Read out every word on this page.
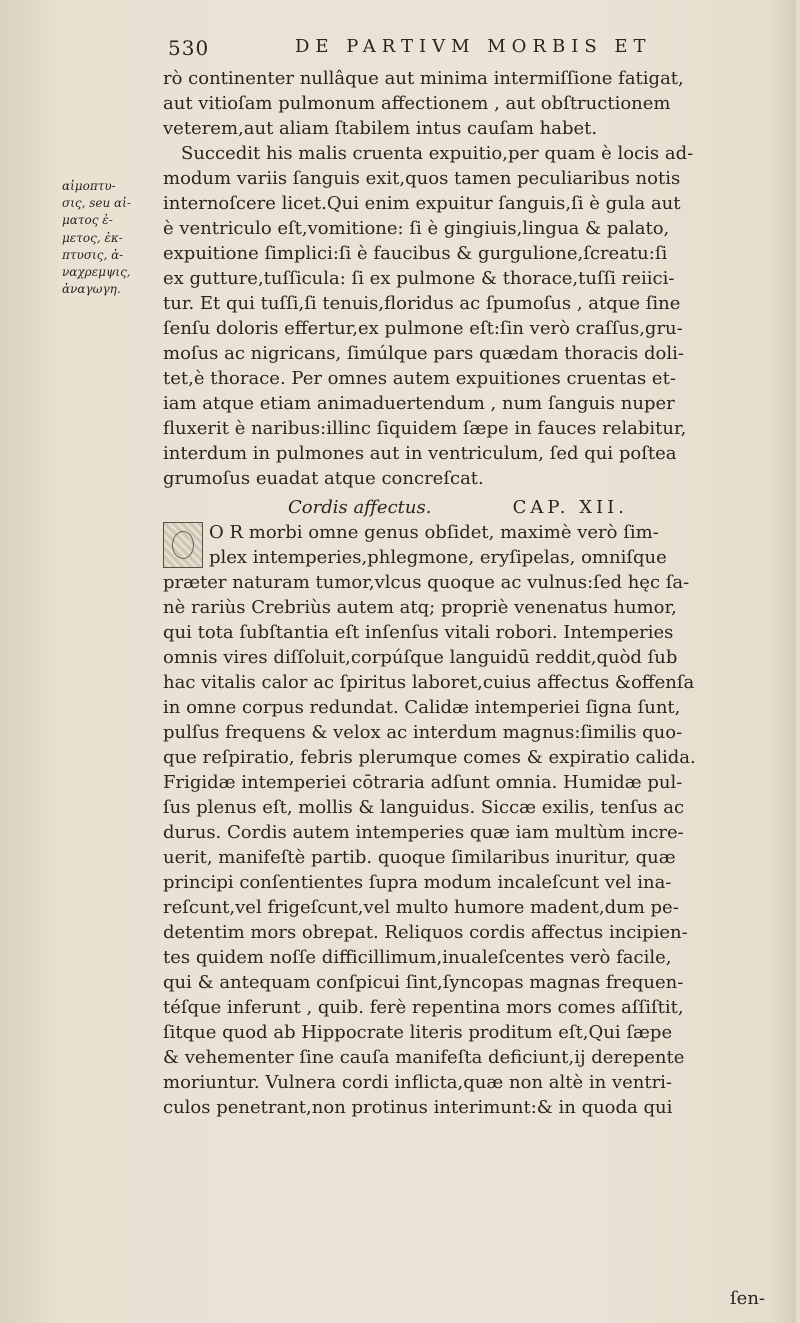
530	DE PARTIVM MORBIS ET
αἱμοπτυ-
σις, seu αἱ-
ματος ἐ-
μετος, ἐκ-
πτυσις, ἀ-
ναχρεμψις,
ἀναγωγη.
rò continenter nullâque aut minima intermiſſione fatigat,
aut vitioſam pulmonum affectionem , aut obſtructionem
veterem,aut aliam ſtabilem intus cauſam habet.
Succedit his malis cruenta expuitio,per quam è locis ad-
modum variis ſanguis exit,quos tamen peculiaribus notis
internoſcere licet.Qui enim expuitur ſanguis,ſi è gula aut
è ventriculo eſt,vomitione: ſi è gingiuis,lingua & palato,
expuitione ſimplici:ſi è faucibus & gurgulione,ſcreatu:ſi
ex gutture,tuſſicula: ſi ex pulmone & thorace,tuſſi reiici-
tur. Et qui tuſſi,ſi tenuis,floridus ac ſpumoſus , atque ſine
ſenſu doloris effertur,ex pulmone eſt:ſin verò craſſus,gru-
moſus ac nigricans, ſimúlque pars quædam thoracis doli-
tet,è thorace. Per omnes autem expuitiones cruentas et-
iam atque etiam animaduertendum , num ſanguis nuper
fluxerit è naribus:illinc ſiquidem ſæpe in fauces relabitur,
interdum in pulmones aut in ventriculum, ſed qui poſtea
grumoſus euadat atque concreſcat.
Cordis affectus.	CAP. XII.
O R morbi omne genus obſidet, maximè verò ſim-
plex intemperies,phlegmone, eryſipelas, omniſque
præter naturam tumor,vlcus quoque ac vulnus:ſed hęc ſa-
nè rariùs Crebriùs autem atq; propriè venenatus humor,
qui tota ſubſtantia eſt inſenſus vitali robori. Intemperies
omnis vires diſſoluit,corpúſque languidū reddit,quòd ſub
hac vitalis calor ac ſpiritus laboret,cuius affectus &offenſa
in omne corpus redundat. Calidæ intemperiei ſigna ſunt,
pulſus frequens & velox ac interdum magnus:ſimilis quo-
que reſpiratio, febris plerumque comes & expiratio calida.
Frigidæ intemperiei cōtraria adſunt omnia. Humidæ pul-
ſus plenus eſt, mollis & languidus. Siccæ exilis, tenſus ac
durus. Cordis autem intemperies quæ iam multùm incre-
uerit, manifeſtè partib. quoque ſimilaribus inuritur, quæ
principi conſentientes ſupra modum incaleſcunt vel ina-
reſcunt,vel frigeſcunt,vel multo humore madent,dum pe-
detentim mors obrepat. Reliquos cordis affectus incipien-
tes quidem noſſe difficillimum,inualeſcentes verò facile,
qui & antequam conſpicui ſint,ſyncopas magnas frequen-
téſque inferunt , quib. ferè repentina mors comes aſſiſtit,
ſitque quod ab Hippocrate literis proditum eſt,Qui ſæpe
& vehementer ſine cauſa manifeſta deficiunt,ij derepente
moriuntur. Vulnera cordi inflicta,quæ non altè in ventri-
culos penetrant,non protinus interimunt:& in quoda qui
ſen-
